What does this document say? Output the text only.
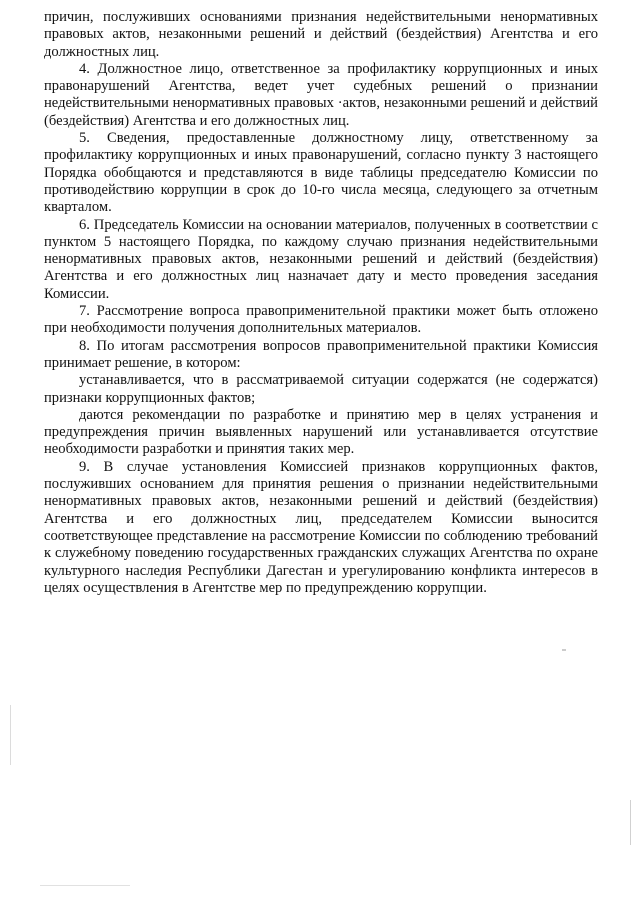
причин, послуживших основаниями признания недействительными ненормативных правовых актов, незаконными решений и действий (бездействия) Агентства и его должностных лиц.

4. Должностное лицо, ответственное за профилактику коррупционных и иных правонарушений Агентства, ведет учет судебных решений о признании недействительными ненормативных правовых ·актов, незаконными решений и действий (бездействия) Агентства и его должностных лиц.

5. Сведения, предоставленные должностному лицу, ответственному за профилактику коррупционных и иных правонарушений, согласно пункту 3 настоящего Порядка обобщаются и представляются в виде таблицы председателю Комиссии по противодействию коррупции в срок до 10-го числа месяца, следующего за отчетным кварталом.

6. Председатель Комиссии на основании материалов, полученных в соответствии с пунктом 5 настоящего Порядка, по каждому случаю признания недействительными ненормативных правовых актов, незаконными решений и действий (бездействия) Агентства и его должностных лиц назначает дату и место проведения заседания Комиссии.

7. Рассмотрение вопроса правоприменительной практики может быть отложено при необходимости получения дополнительных материалов.

8. По итогам рассмотрения вопросов правоприменительной практики Комиссия принимает решение, в котором:

устанавливается, что в рассматриваемой ситуации содержатся (не содержатся) признаки коррупционных фактов;

даются рекомендации по разработке и принятию мер в целях устранения и предупреждения причин выявленных нарушений или устанавливается отсутствие необходимости разработки и принятия таких мер.

9. В случае установления Комиссией признаков коррупционных фактов, послуживших основанием для принятия решения о признании недействительными ненормативных правовых актов, незаконными решений и действий (бездействия) Агентства и его должностных лиц, председателем Комиссии выносится соответствующее представление на рассмотрение Комиссии по соблюдению требований к служебному поведению государственных гражданских служащих Агентства по охране культурного наследия Республики Дагестан и урегулированию конфликта интересов в целях осуществления в Агентстве мер по предупреждению коррупции.
